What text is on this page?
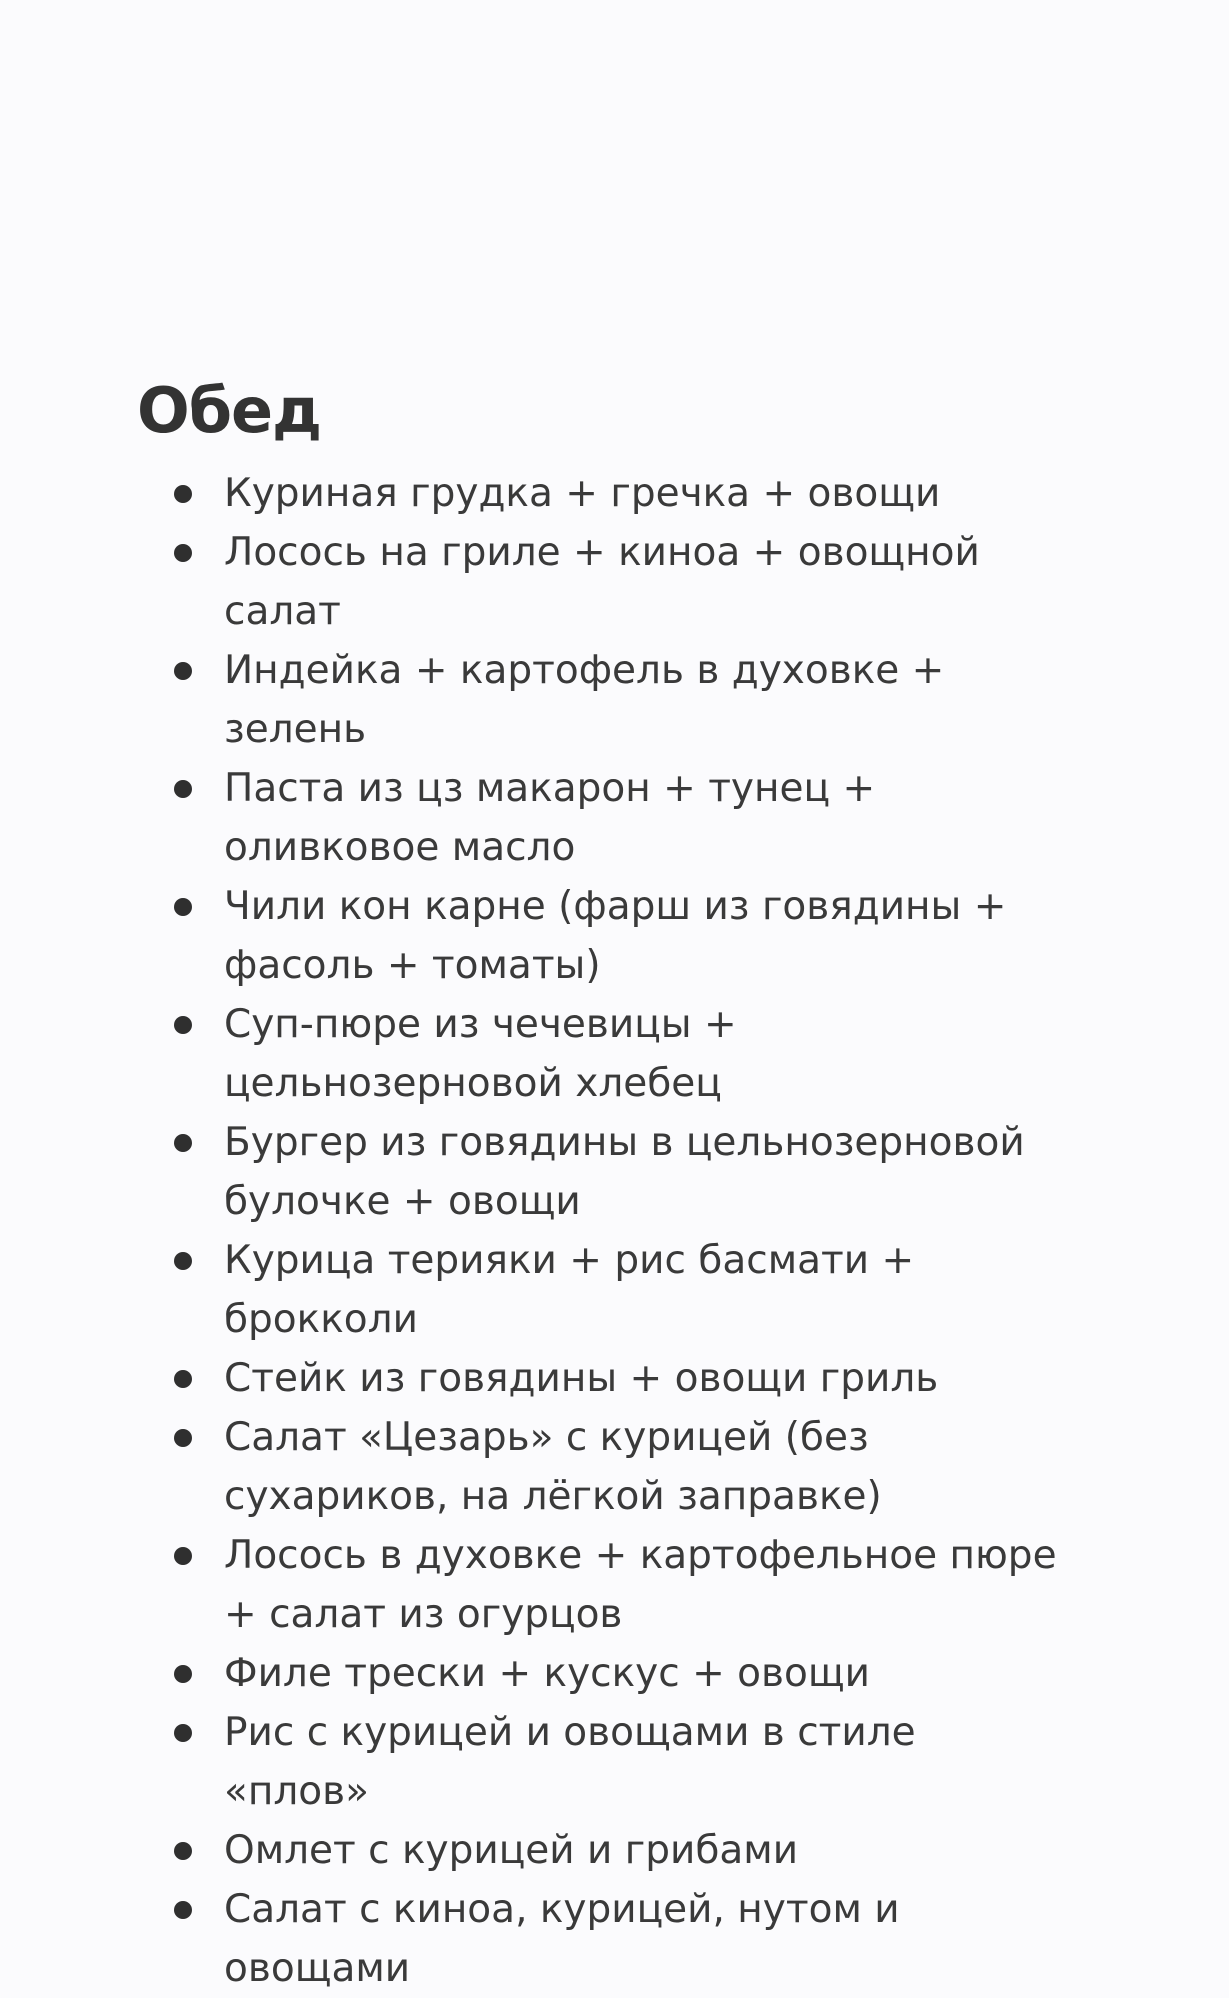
Обед
Куриная грудка + гречка + овощи
Лосось на гриле + киноа + овощной салат
Индейка + картофель в духовке + зелень
Паста из цз макарон + тунец + оливковое масло
Чили кон карне (фарш из говядины + фасоль + томаты)
Суп-пюре из чечевицы + цельнозерновой хлебец
Бургер из говядины в цельнозерновой булочке + овощи
Курица терияки + рис басмати + брокколи
Стейк из говядины + овощи гриль
Салат «Цезарь» с курицей (без сухариков, на лёгкой заправке)
Лосось в духовке + картофельное пюре + салат из огурцов
Филе трески + кускус + овощи
Рис с курицей и овощами в стиле «плов»
Омлет с курицей и грибами
Салат с киноа, курицей, нутом и овощами
